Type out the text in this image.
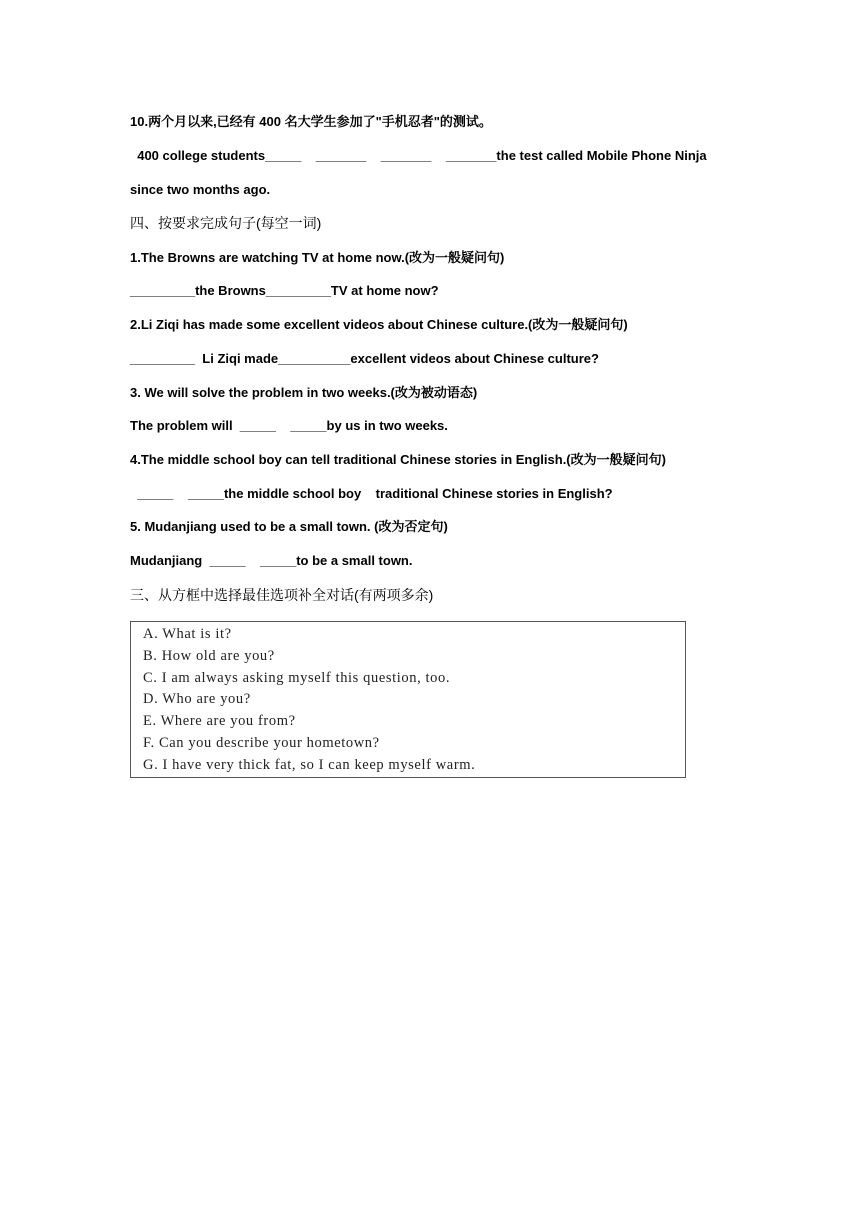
10.两个月以来,已经有 400 名大学生参加了"手机忍者"的测试。
400 college students_____    _______    _______    _______the test called Mobile Phone Ninja
since two months ago.
四、按要求完成句子(每空一词)
1.The Browns are watching TV at home now.(改为一般疑问句)
_________the Browns_________TV at home now?
2.Li Ziqi has made some excellent videos about Chinese culture.(改为一般疑问句)
_________  Li Ziqi made__________excellent videos about Chinese culture?
3. We will solve the problem in two weeks.(改为被动语态)
The problem will  _____    _____by us in two weeks.
4.The middle school boy can tell traditional Chinese stories in English.(改为一般疑问句)
_____    _____the middle school boy    traditional Chinese stories in English?
5. Mudanjiang used to be a small town. (改为否定句)
Mudanjiang  _____    _____to be a small town.
三、从方框中选择最佳选项补全对话(有两项多余)
A. What is it?
B. How old are you?
C. I am always asking myself this question, too.
D. Who are you?
E. Where are you from?
F. Can you describe your hometown?
G. I have very thick fat, so I can keep myself warm.
